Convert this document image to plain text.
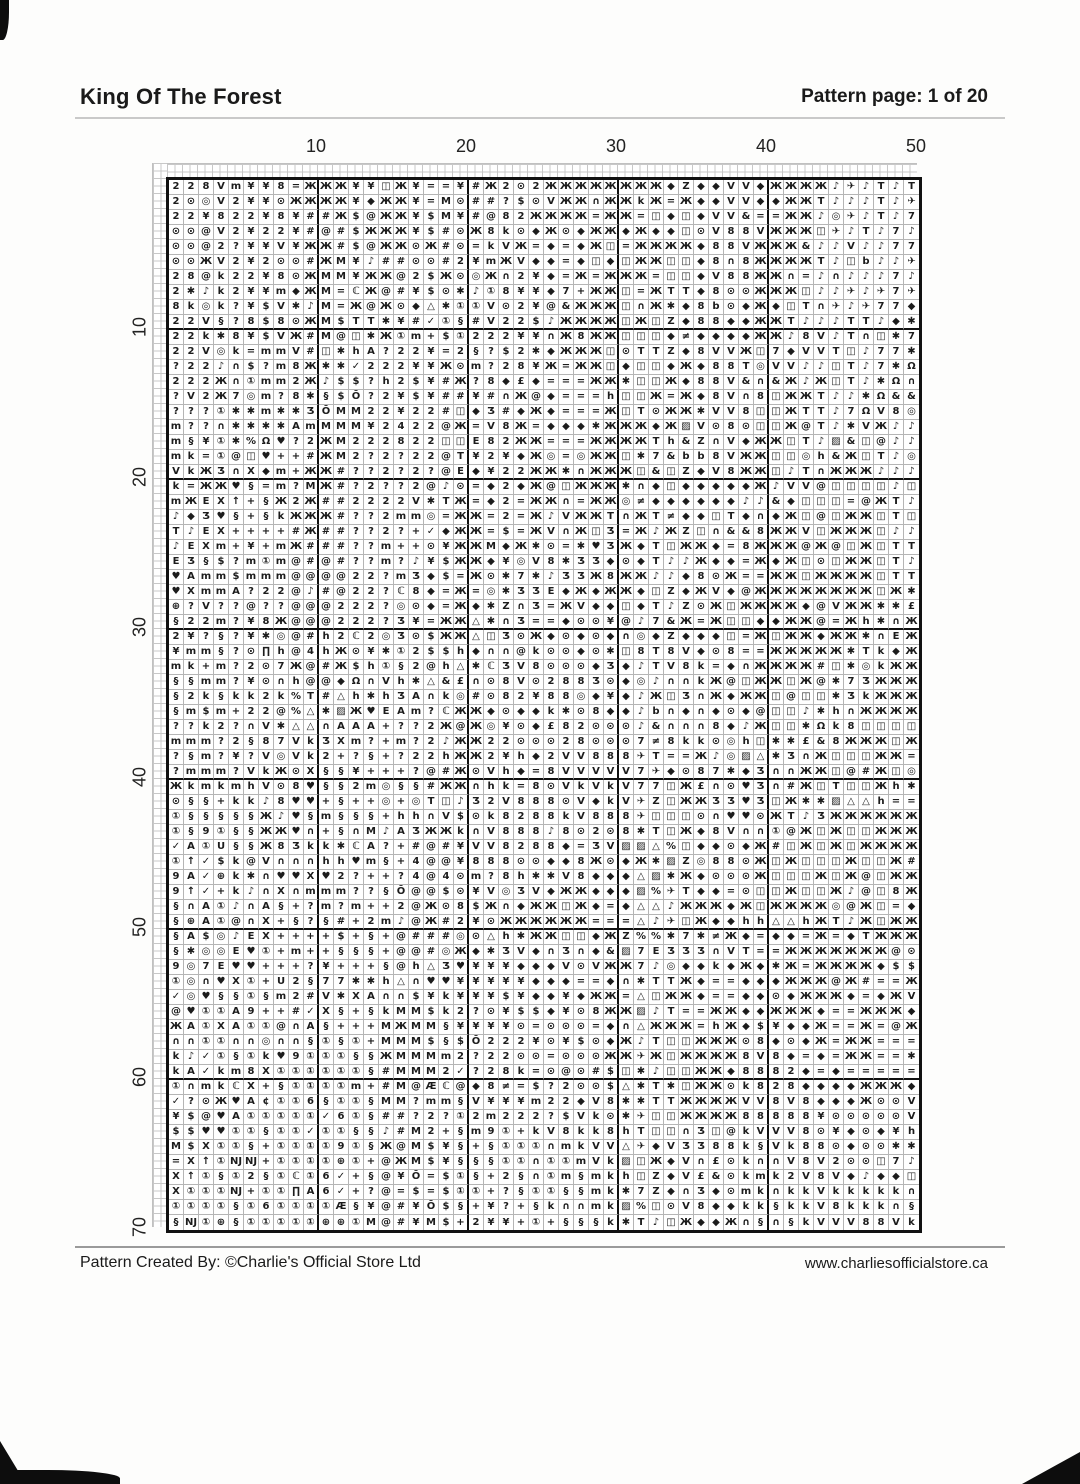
King Of The Forest	Pattern page: 1 of 20
10	20	30	40	50
10
20
30
40
50
60
70
2 2 8 V m ¥ ¥ 8 = Ж Ж Ж ¥ ¥ ◫ Ж ¥ = = ¥ # Ж 2 ⊙ 2 Ж Ж Ж Ж Ж Ж Ж Ж ◆ Z ◆ ◆ V V ◆ Ж Ж Ж Ж ♪ ✈ ♪ T ♪ T
2 ⊙ ◎ V 2 ¥ ¥ ⊙ Ж Ж Ж Ж ¥ ◆ Ж Ж ¥ = M ⊙ # # ? $ ⊙ V Ж Ж ∩ Ж Ж k Ж = Ж ◆ ◆ V V ◆ ◆ Ж Ж T ♪ ♪ ♪ T ♪ ✈
2 2 ¥ 8 2 2 ¥ 8 ¥ # # Ж $ @ Ж Ж ¥ $ M ¥ # @ 8 2 Ж Ж Ж Ж = Ж Ж = ◫ ◆ ◫ ◆ V V & = = Ж Ж ♪ ◎ ✈ ♪ T ♪ 7
⊙ ⊙ @ V 2 ¥ 2 2 ¥ # @ # $ Ж Ж Ж ¥ $ # ⊙ Ж 8 k ⊙ ◆ Ж ⊙ ◆ Ж Ж ◆ Ж ◆ ◆ ◫ ⊙ V 8 8 V Ж Ж Ж ◫ ✈ ♪ T ♪ 7 ♪
⊙ ⊙ @ 2 ? ¥ ¥ V ¥ Ж Ж # $ @ Ж Ж ⊙ Ж # ⊙ = k V Ж = ◆ = ◆ Ж ◫ = Ж Ж Ж Ж ◆ 8 8 V Ж Ж Ж & ♪ ♪ V ♪ ♪ 7 7
⊙ ⊙ Ж V 2 ¥ 2 ⊙ ⊙ # Ж M ¥ ♪ # # ⊙ ⊙ # 2 ¥ m Ж V ◆ ◆ = ◆ ◫ ◆ ◫ Ж Ж ◫ ◫ ◆ 8 ∩ 8 Ж Ж Ж Ж T ♪ ◫ b ♪ ♪ ✈
2 8 @ k 2 2 ¥ 8 ⊙ Ж M M ¥ Ж Ж @ 2 $ Ж ⊙ ◎ Ж ∩ 2 ¥ ◆ = Ж = Ж Ж Ж = ◫ ◫ ◆ V 8 8 Ж Ж ∩ = ♪ ∩ ♪ ♪ ♪ 7 ♪
2 ✱ ♪ k 2 ¥ ¥ m ◆ Ж M = ℂ Ж @ # ¥ $ ⊙ ✱ ♪ ① 8 ¥ ¥ ◆ 7 + Ж Ж ◫ = Ж T T ◆ 8 ⊙ ⊙ Ж Ж Ж ◫ ♪ ♪ ✈ ♪ ✈ 7 ✈
8 k ◎ k ? ¥ $ V ✱ ♪ M = Ж @ Ж ⊙ ◆ △ ✱ ① ① V ⊙ 2 ¥ @ & Ж Ж Ж ◫ ∩ Ж ✱ ◆ 8 b ⊙ ◆ Ж ◆ ◫ T ∩ ✈ ♪ ✈ 7 7 ◆
2 2 V § ? 8 $ 8 ⊙ Ж M $ T T ✱ ¥ # ✓ ① § # V 2 2 $ ♪ Ж Ж Ж Ж ◫ Ж ◫ Z ◆ 8 8 ◆ ◆ Ж Ж T ♪ ♪ ♪ T T ♪ ◆ ✱
2 2 k ✱ 8 ¥ $ V Ж # M @ ◫ ✱ Ж ① m + $ ① 2 2 2 ¥ ¥ ∩ Ж 8 Ж Ж ◫ ◫ ◫ ◆ ≠ ◆ ◆ ◆ ◆ Ж Ж ♪ 8 V ♪ T ∩ ◫ ✱ 7
2 2 V ◎ k = m m V # ◫ ✱ h A ? 2 2 ¥ = 2 § ? $ 2 ✱ ◆ Ж Ж Ж ◫ ⊙ T T Z ◆ 8 V V Ж ◫ 7 ◆ V V T ◫ ♪ 7 7 ✱
? 2 2 ♪ ∩ $ ? m 8 Ж ✱ ✱ ✓ 2 2 2 ¥ ¥ Ж ⊙ m ? 2 8 ¥ Ж = Ж Ж ◫ ◆ ◫ ◫ ◆ Ж ◆ 8 8 T ◎ V V ♪ ♪ ◫ T ♪ 7 ✱ Ω
2 2 2 Ж ∩ ① m m 2 Ж ♪ $ $ ? h 2 $ ¥ # Ж ? 8 ◆ £ ◆ = = = Ж Ж ✱ ◫ ◫ Ж ◆ 8 8 V & ∩ & Ж ♪ Ж ◫ T ♪ ✱ Ω ∩
? V 2 Ж 7 ◎ m ? 8 ✱ § $ Ō ? 2 ¥ $ ¥ # # ¥ # ∩ Ж @ ◆ = = = h ◫ ◫ Ж = Ж ◆ 8 V ∩ 8 ◫ Ж Ж T ♪ ♪ ✱ Ω & &
? ? ? ① ✱ ✱ m ✱ ✱ Ӡ Ō M M 2 2 ¥ 2 2 # ◫ ◆ Ӡ # ◆ Ж ◆ = = = Ж ◫ T ⊙ Ж Ж ✱ V V 8 ◫ ◫ Ж T T ♪ 7 Ω V 8 ◎
m ? ? ∩ ✱ ✱ ✱ ✱ A m M M M ¥ 2 4 2 2 @ Ж = V 8 Ж = ◆ ◆ ◆ ✱ Ж Ж Ж ◆ Ж ▨ V ⊙ 8 ⊙ ◫ ◫ Ж @ T ♪ ✱ V Ж ♪ ♪
m § ¥ ① ✱ % Ω ♥ ? 2 Ж M 2 2 2 8 2 2 ◫ ◫ E 8 2 Ж Ж = = = Ж Ж Ж Ж T h & Z ∩ V ◆ Ж Ж ◫ T ♪ ▨ & ◫ @ ♪ ♪
m k = ① @ ◫ ♥ + + # Ж M 2 ? 2 ? 2 2 @ T ¥ 2 ¥ ◆ Ж ◎ = ◎ Ж Ж ◫ ✱ 7 & b b 8 V Ж Ж ◫ ◫ ◎ h & Ж ◫ T ♪ ◎
V k Ж Ӡ ∩ X ◆ m + Ж Ж # ? ? 2 ? 2 ? @ E ◆ ¥ 2 2 Ж Ж ✱ ∩ Ж Ж Ж ◫ & ◫ Z ◆ V 8 Ж Ж ◫ ♪ T ∩ Ж Ж Ж ♪ ♪ ♪
k = Ж Ж ♥ § = m ? M Ж # ? 2 ? ? 2 @ ♪ ⊙ = ◆ 2 ◆ Ж @ ◫ Ж Ж Ж ✱ ∩ ◆ ◫ ◆ ◆ ◆ ◆ ◆ Ж ♪ V V @ ◫ ◫ ◫ ◫ ♪ ◫
m Ж E X ↑ + § Ж 2 Ж # # 2 2 2 2 V ✱ T Ж = ◆ 2 = Ж Ж ∩ = Ж Ж ◎ ≠ ◆ ◆ ◆ ◆ ◆ ◆ ♪ ♪ & ◆ ◫ ◫ ◫ = @ Ж T ♪
♪ ◆ Ӡ ♥ § + § k Ж Ж Ж # ? ? 2 m m ◎ = Ж Ж = 2 = Ж ♪ V Ж Ж T ∩ Ж T ≠ ◆ ◆ ◫ T ◆ ∩ ◆ Ж ◫ @ ◫ Ж Ж ◫ T ◫
T ♪ E X + + + + # Ж # # ? ? 2 ? + ✓ ◆ Ж Ж = $ = Ж V ∩ Ж ◫ Ӡ = Ж ♪ Ж Z ◫ ∩ & & 8 Ж Ж V ◫ Ж Ж Ж ◫ ♪ ♪
♪ E X m + ¥ + m Ж # # # ? ? m + + ⊙ ¥ Ж Ж M ◆ Ж ✱ ⊙ = ✱ ♥ Ӡ Ж ◆ T ◫ Ж Ж ◆ = 8 Ж Ж Ж @ Ж @ ◫ Ж ◫ T T
E Ӡ § $ ? m ① m @ # @ # ? ? m ? ♪ ¥ $ Ж Ж ◆ ¥ ◎ V 8 ✱ Ӡ Ӡ ◆ ⊙ ◆ T ♪ ♪ Ж ◆ ◆ = Ж ◆ Ж ◫ ⊙ ◫ Ж Ж ◫ T ♪
♥ A m m $ m m m @ @ @ @ 2 2 ? m Ӡ ◆ $ = Ж ⊙ ✱ 7 ✱ ♪ Ӡ Ӡ Ж 8 Ж Ж ♪ ♪ ◆ 8 ⊙ Ж = = Ж Ж ◫ Ж Ж Ж Ж ◫ T T
♥ X m m A ? 2 2 @ ♪ # @ 2 2 ? ℂ 8 ◆ = Ж = ◎ ✱ Ӡ Ӡ E ◆ Ж ◆ Ж Ж ◆ ◫ Z ◆ Ж V ◆ @ Ж Ж Ж Ж Ж Ж Ж Ж ◫ Ж ✱
⊕ ? V ? ? @ ? ? @ @ @ 2 2 2 ? ◎ ⊙ ◆ = Ж ◆ ✱ Z ∩ Ӡ = Ж V ◆ ◆ ◫ ◆ T ♪ Z ⊙ Ж ◫ Ж Ж Ж Ж ◆ @ V Ж Ж ✱ ✱ £
§ 2 2 m ? ¥ 8 Ж @ @ @ 2 2 2 ? Ӡ ¥ = Ж Ж △ ✱ ∩ Ӡ = = ◆ ⊙ ⊙ ¥ @ ♪ 7 & Ж = Ж ◫ ◫ ◆ ◆ Ж Ж @ = Ж h ✱ ∩ Ж
2 ¥ ? § ? ¥ ✱ ◎ @ # h 2 ℂ 2 ◎ Ӡ ⊙ $ Ж Ж △ ◫ Ӡ ⊙ Ж ◆ ⊙ ◆ ⊙ ◆ ∩ ◎ ◆ Z ◆ ◆ ◆ ◫ = Ж ◫ Ж Ж ◆ Ж Ж ✱ ∩ E Ж
¥ m m § ? ⊙ ∏ h @ 4 h Ж ⊙ ¥ ✱ ① 2 $ $ h ◆ ∩ ∩ @ k ⊙ ⊙ ◆ ⊙ ✱ ◫ 8 T 8 V ◆ ⊙ 8 = = Ж Ж Ж Ж Ж ✱ T k ◆ Ж
m k + m ? 2 ⊙ 7 Ж @ # Ж $ h ① § 2 @ h △ ✱ ℂ Ӡ V 8 ⊙ ⊙ ⊙ ◆ Ӡ ◆ ♪ T V 8 k = ◆ ∩ Ж Ж Ж Ж # ◫ ✱ ◎ k Ж Ж
§	§ m m ? ¥ ⊙ ∩ h @ @ ◆ Ω ∩ V h ✱ △ & £ ∩ ⊙ 8 V ⊙ 2 8 8 Ӡ ⊙ ◆ ◎ ♪ ∩ ∩ k Ж @ ◫ Ж Ж ◫ Ж @ ✱ 7 Ӡ Ж Ж Ж
§ 2 k § k k 2 k % T # △ h ✱ h Ӡ A ∩ k ◎ # ⊙ 8 2 ¥ 8 8 ◎ ◆ ¥ ◆ ♪ Ж ◫ Ӡ ∩ Ж ◆ Ж Ж ◫ @ ◫ ◫ ✱ Ӡ k Ж Ж Ж
§ m $ m + 2 2 @ % △ ✱ ▨ Ж ♥ E A m ? ℂ Ж Ж ◆ ⊙ ◆ ◆ k ✱ ⊙ 8 ◆ ◆ ♪ b ∩ ◆ ∩ ◆ ⊙ ◆ @ ◫ ◫ ♪ ✱ h ∩ Ж Ж Ж Ж
? ? k 2 ? ∩ V ✱ △ △ ∩ A A A + ? ? 2 Ж @ Ж ◎ ¥ ⊙ ◆ £ 8 2 ⊙ ⊙ ⊙ ♪ & ∩ ∩ ∩ 8 ◆ ♪ Ж ◫ ◫ ✱ Ω k 8 ◫ ◫ ◫ ◫
m m m ? 2 § 8 7 V k Ӡ X m ? + m ? 2 ♪ Ж Ж 2 2 ⊙ ⊙ ⊙ 2 8 ⊙ ⊙ ⊙ 7 ≠ 8 k k ⊙ ◎ h ◫ ✱ ✱ £ & 8 Ж Ж Ж ◫ Ж
? § m ? ¥ ? V ◎ V k 2 + ? § + ? 2 2 h Ж Ж 2 ¥ h ◆ 2 V V 8 8 8 ✈ T = = Ж ♪ ◎ ▨ △ ✱ Ӡ ∩ Ж ◫ ◫ ◫ Ж Ж =
? m m m ? V k Ж ⊙ X §	§ ¥ + + + ? @ # Ж ⊙ V h ◆ = 8 V V V V V 7 ✈ ◆ ⊙ 8 7 ✱ ◆ Ӡ ∩ ∩ Ж Ж ◫ @ # Ж ◫ ◎
Ж k m k m h V ⊙ 8 ♥ §	§ 2 m ◎ §	§ # Ж Ж ∩ h k = 8 ⊙ V k V k V 7 7 ◫ Ж £ ∩ ⊙ ♥ Ӡ ∩ # Ж ◫ T ◫ ◫ Ж h ✱
⊙ §	§ + k k ♪ 8 ♥ ♥ + § + + ◎ + ◎ T ◫ ♪ Ӡ 2 V 8 8 8 ⊙ V ◆ k V ✈ Z ◫ Ж Ж Ӡ Ӡ ♥ Ӡ ◫ Ж ✱ ✱ ▨ △ △ h = =
① §	§	§	§	§ Ж ♪ ♥ § m §	§	§ + h h ∩ V $ ⊙ k 8 2 8 8 k V 8 8 8 ✈ ◫ ◫ ◫ ⊙ ∩ ♥ ♥ ⊙ Ж T ♪ Ӡ Ж Ж Ж Ж Ж Ж
① § 9 ① §	§ Ж Ж ♥ ∩ + § ∩ M ♪ A Ӡ Ж Ж k ∩ V 8 8 8 ♪ 8 ⊙ 2 ⊙ 8 ✱ T ◫ Ж ◆ 8 V ∩ ∩ ① @ Ж ◫ Ж ◫ ◫ Ж Ж Ж
✓ A ① U §	§ Ж 8 Ӡ k k ✱ ℂ A ? + # @ # ¥ V V 8 2 8 8 ◆ = Ӡ V ▨ ▨ △ % ◫ ◆ ◆ ⊙ ◆ Ж # ◫ Ж ◫ Ж ◫ Ж Ж Ж Ж
① ↑ ✓ $ k @ V ∩ ∩ ∩ h h ♥ m § + 4 @ @ ¥ 8 8 8 ⊙ ⊙ ◆ ◆ 8 Ж ⊙ ◆ Ж ✱ ▨ Z ◎ 8 8 ⊙ Ж ◫ Ж ◫ ◫ ◫ Ж ◫ ◫ Ж #
9 A ✓ ⊕ k ✱ ∩ ♥ ♥ X ♥ 2 ? + + ? 4 @ 4 ⊙ m ? 8 h ✱ ✱ V 8 ◆ ◆ ◆ △ ▨ ✱ Ж ◆ ⊙ ⊙ ⊙ Ж ◫ ◫ ◫ Ж ◫ Ж @ ◫ Ж Ж
9 ↑ ✓ + k ♪ ∩ X ∩ m m m ? ? § Ō @ @ $ ⊙ ¥ V ◎ Ӡ V ◆ Ж Ж ◆ ◆ ◆ ▨ % ✈ T ◆ ◆ = ⊙ ◫ ◫ Ж ◫ ◫ Ж ♪ @ ◫ 8 Ж
§ ∩ A ① ♪ ∩ A § + ? m ? m + + 2 @ Ж ⊙ 8 $ Ж ∩ ◆ Ж Ж ◫ Ж ◆ = ◆ △ △ ♪ Ж Ж Ж ◆ Ж ◫ Ж Ж Ж Ж ◎ @ Ж ◫ = ◆
§ ⊕ A ① @ ∩ X + § ?	§ # + 2 m ♪ @ Ж # 2 ¥ ⊙ Ж Ж Ж Ж Ж Ж = = = △ ♪ ✈ ◫ Ж ◆ ◆ h h △ △ h Ж T ♪ Ж ◫ Ж Ж
§ A $ ◎ ♪ E X + + + + $ + § + @ # # # ◎ ⊙ △ h ✱ Ж Ж ◫ ◫ ◆ Ж Z % % ✱ 7 ✱ ≠ Ж ◆ = ◆ ◆ = Ж = ◆ T Ж Ж Ж
§ ✱ ◎ ◎ E ♥ ① + m + + §	§	§ + @ @ # ◎ Ж ◆ ✱ Ӡ V ◆ ∩ Ӡ ∩ ◆ & ▨ 7 E Ӡ Ӡ Ӡ ∩ V T = = Ж Ж Ж Ж Ж Ж Ж @ ⊙
9 ◎ 7 E ♥ ♥ + + + ? ¥ + + + § @ h △ Ӡ ♥ ¥ ¥ ¥ ◆ ◆ ◆ V ⊙ V Ж Ж 7 ♪ ◎ ◆ ◆ k ◆ Ж ◆ ✱ Ж = Ж Ж Ж Ж ◆ $ $
① ◎ ∩ ♥ X ① + U 2 § 7 7 ✱ ✱ h △ ∩ ♥ ♥ ¥ ¥ ¥ ¥ ¥ ◆ ◆ ◆ = = ◆ ∩ ✱ T T Ж ◆ = = ◆ ◆ ◆ Ж Ж Ж @ Ж # = = Ж
✓ ◎ ♥ §	§ ① § m 2 # V ✱ X A ∩ ∩ $ ¥ k ¥ ¥ ¥ $ ¥ ◆ ◆ ¥ ◆ Ж Ж = △ ◫ Ж Ж ◆ = = ◆ ◆ ⊙ ◆ Ж Ж Ж ◆ = ◆ Ж V
@ ♥ ① ① A 9 + + # ✓ X § + § k M M $ k 2 ? ⊙ ¥ $ $ ◆ ¥ ⊙ 8 Ж Ж ▨ ♪ T = = Ж Ж ◆ ◆ Ж Ж Ж ◆ = = Ж Ж Ж ◆
Ж A ① X A ① ① @ ∩ A § + + + M Ж M M § ¥ ¥ ¥ ¥ ⊙ = ⊙ ⊙ ⊙ = ◆ ∩ △ Ж Ж Ж = h Ж ◆ $ ¥ ◆ ◆ Ж = = Ж = @ Ж
∩ ∩ ① ① ∩ ∩ ◎ ∩ ∩ § ① § ① + M M M $ § $ Ō 2 2 2 ¥ ⊙ ¥ $ ⊙ ◆ Ж ♪ T ◫ ◫ Ж Ж Ж ⊙ 8 ◆ ⊙ ◆ Ж = Ж Ж = = =
k ♪ ✓ ① § ① k ♥ 9 ① ① ① §	§ Ж M M M m 2 ? 2 2 ⊙ ⊙ = ⊙ ⊙ ⊙ Ж Ж ✈ Ж ◫ Ж Ж Ж Ж 8 V 8 ◆ = ◆ = Ж Ж = = ✱
k A ✓ k m 8 X ① ① ① ① ① ① § # M M M 2 ✓ ? 2 8 k = ⊙ @ ⊙ # $ ◫ ✱ ♪ ◫ ◫ Ж Ж ◆ 8 8 8 2 ◆ = ◆ = = = = =
① ∩ m k ℂ X + § ① ① ① ① m + # M @ Æ ℂ @ ◆ 8 ≠ = $ ? 2 ⊙ ⊙ $ △ ✱ T ✱ ◫ Ж Ж ⊙ k 8 2 8 ◆ ◆ ◆ ◆ Ж Ж Ж ◆
✓ ? ⊙ Ж ♥ A ¢ ① ① 6 § ① ① § M M ? m m § V ¥ ¥ ¥ m 2 2 ◆ V 8 ✱ ✱ T T Ж Ж Ж Ж V V 8 V 8 ◆ ◆ ◆ Ж ⊙ ⊙ V
¥ $ @ ♥ A ① ① ① ① ① ✓ 6 ① § # # ? 2 ? ① 2 m 2 2 2 ? $ V k ⊙ ✱ ✈ ◫ ◫ Ж Ж Ж Ж 8 8 8 8 8 ¥ ⊙ ⊙ ⊙ ⊙ ⊙ V
$ $ ♥ ♥ ① ① § ① ① ✓ ① ① §	§ ♪ # M 2 + § m 9 ① + k V 8 k k 8 h T ◫ ◫ ∩ Ӡ ◫ @ k V V V 8 ⊙ ¥ ◆ ⊙ ◆ ¥ h
M $ X ① ① § + ① ① ① ① 9 ① § Ж @ M $ ¥ § + § ① ① ① ∩ m k V V △ ✈ ◆ V Ӡ Ӡ 8 8 k § V k 8 8 ⊙ ◆ ⊙ ⊙ ✱ ✱
= X ↑ ① Ǌ Ǌ + ① ① ① ① ⊕ ① + @ Ж M $ ¥ §	§	§ ① ① ∩ ① ① m V k ▨ ◫ Ж ◆ V ∩ £ ⊙ k ∩ ∩ V 8 V 2 ⊙ ⊙ ◫ 7 ♪
X ↑ ① § ① 2 § ① ℂ ① 6 ✓ + § @ ¥ Ō = $ ① § + 2 § ∩ ① m § m k h ◫ Z ◆ V £ & ⊙ k m k 2 V 8 V ◆ ♪ ◆ ◆ ◫
X ① ① ① Ǌ + ① ① ∏ A 6 ✓ + ? @ = $ = $ ① ① + ? § ① ① §	§ m k ✱ 7 Z ◆ ∩ Ӡ ◆ ⊙ m k ∩ k k V k k k k k ∩
① ① ① ① § ① 6 ① ① ① ① Æ § ¥ @ # ¥ Ō $ § + ¥ ? + § k ∩ ∩ m k ▨ % ◫ ⊙ V 8 ◆ ◆ k k § k k V 8 k k k ∩ §
§ Ǌ ① ⊕ § ① ① ① ① ① ⊕ ⊕ ① M @ # ¥ M $ + 2 ¥ ¥ + ① + §	§	§ k ✱ T ♪ ◫ Ж ◆ ◆ Ж ∩ § ∩ § k V V V 8 8 V k
Pattern Created By: ©Charlie's Official Store Ltd	www.charliesofficialstore.ca
